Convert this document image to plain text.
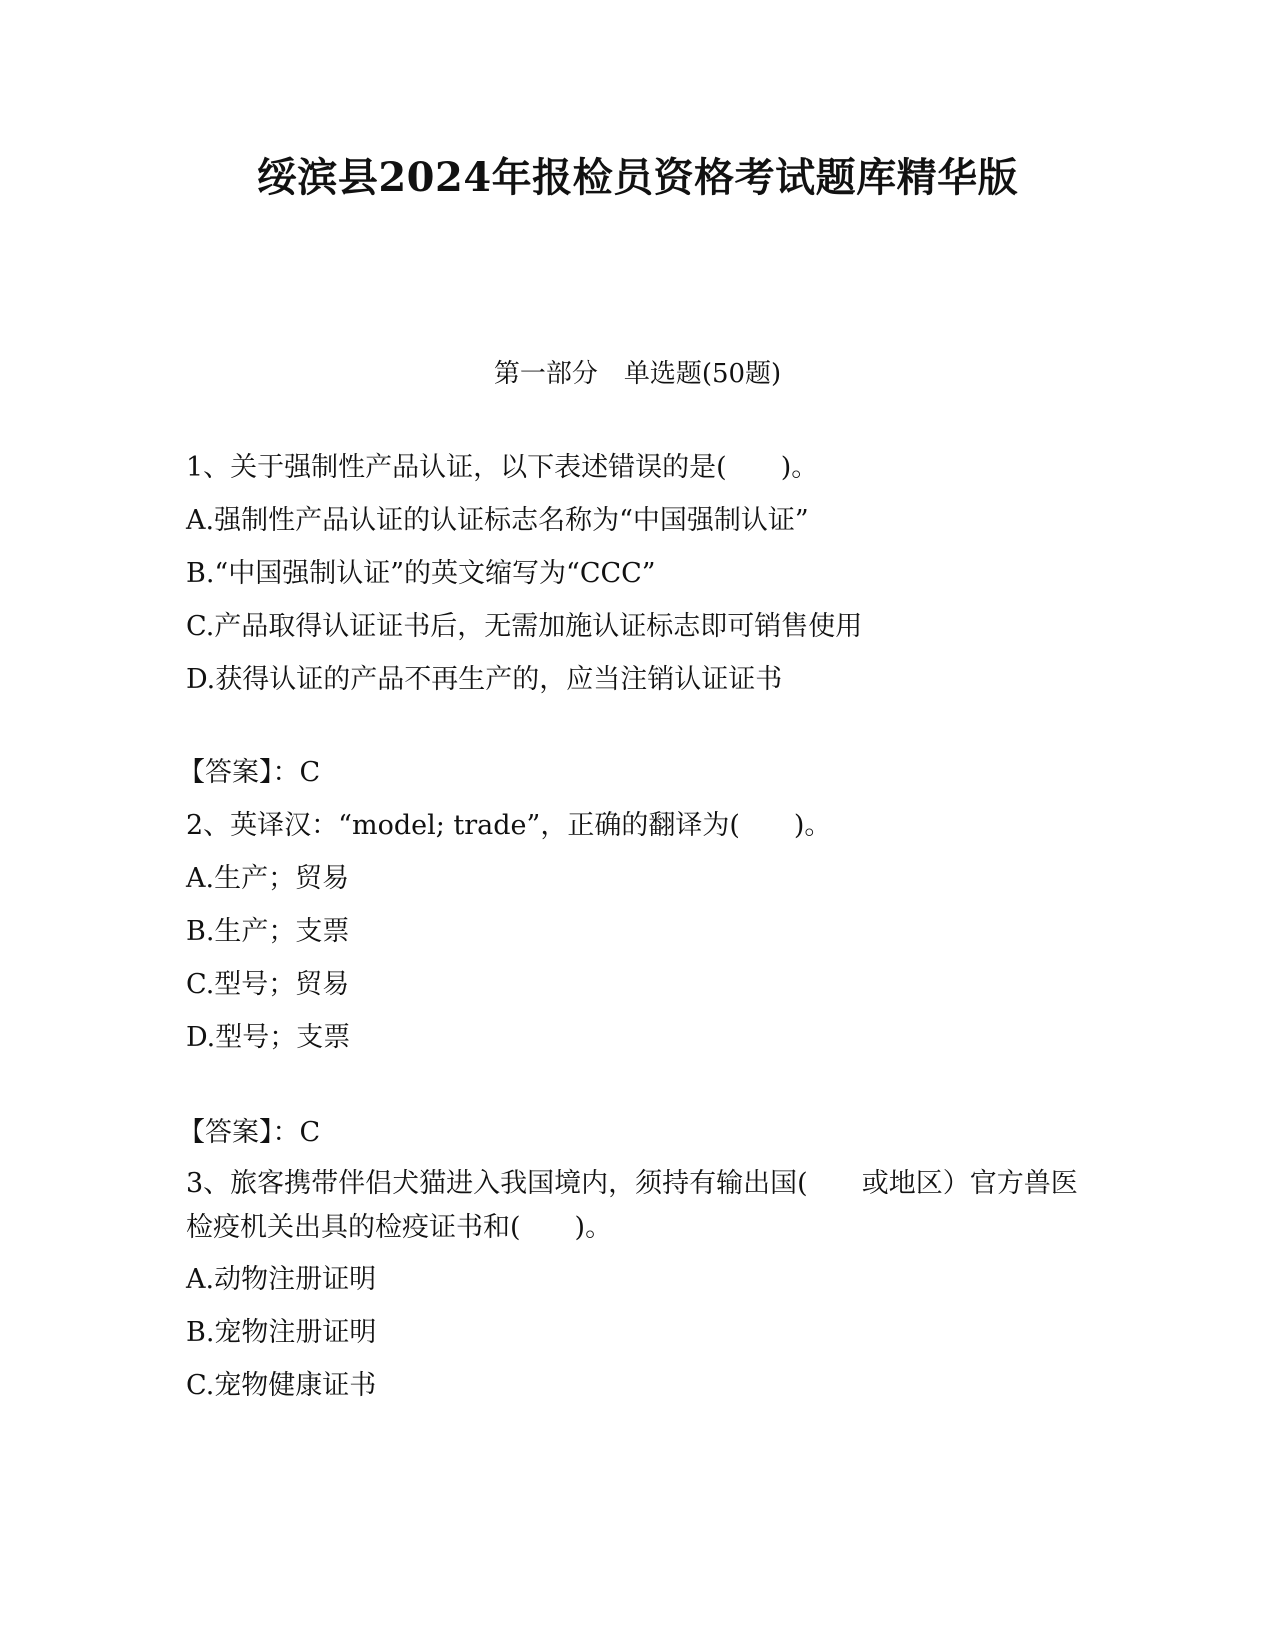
绥滨县2024年报检员资格考试题库精华版
第一部分　单选题(50题)
1、关于强制性产品认证，以下表述错误的是(　　)。
A.强制性产品认证的认证标志名称为“中国强制认证”
B.“中国强制认证”的英文缩写为“CCC”
C.产品取得认证证书后，无需加施认证标志即可销售使用
D.获得认证的产品不再生产的，应当注销认证证书
【答案】：C
2、英译汉：“model; trade”，正确的翻译为(　　)。
A.生产；贸易
B.生产；支票
C.型号；贸易
D.型号；支票
【答案】：C
3、旅客携带伴侣犬猫进入我国境内，须持有输出国(　　或地区）官方兽医检疫机关出具的检疫证书和(　　)。
A.动物注册证明
B.宠物注册证明
C.宠物健康证书
